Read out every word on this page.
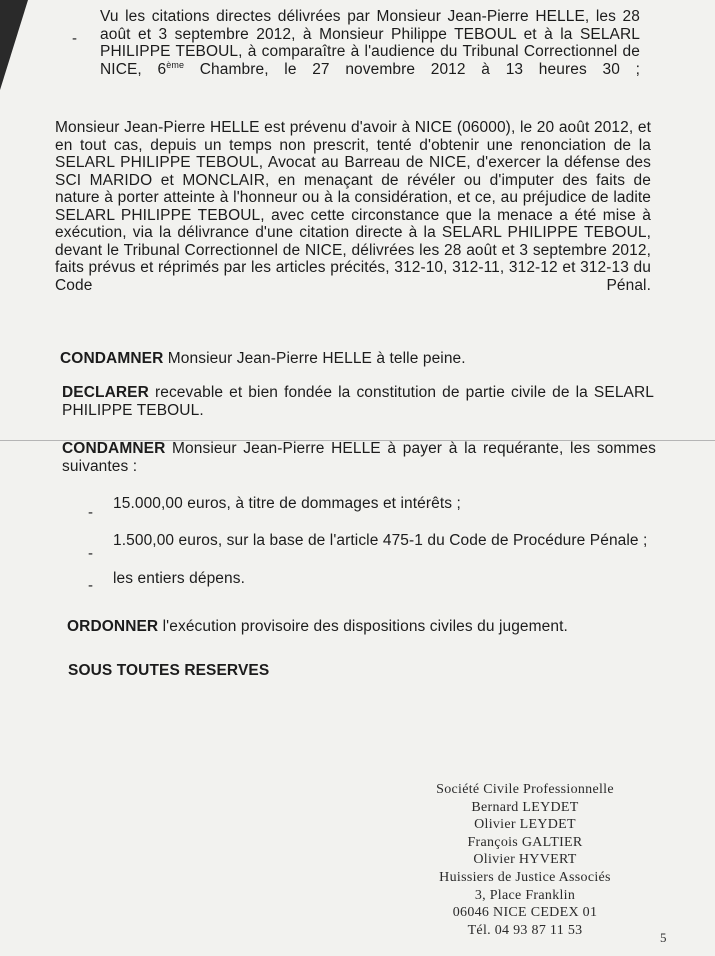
-
Vu les citations directes délivrées par Monsieur Jean-Pierre HELLE, les 28
août et 3 septembre 2012, à Monsieur Philippe TEBOUL et à la SELARL
PHILIPPE TEBOUL, à comparaître à l'audience du Tribunal Correctionnel de
NICE, 6ème Chambre, le 27 novembre 2012 à 13 heures 30 ;
Monsieur Jean-Pierre HELLE est prévenu d'avoir à NICE (06000), le 20 août 2012, et
en tout cas, depuis un temps non prescrit, tenté d'obtenir une renonciation de la
SELARL PHILIPPE TEBOUL, Avocat au Barreau de NICE, d'exercer la défense des
SCI MARIDO et MONCLAIR, en menaçant de révéler ou d'imputer des faits de
nature à porter atteinte à l'honneur ou à la considération, et ce, au préjudice de ladite
SELARL PHILIPPE TEBOUL, avec cette circonstance que la menace a été mise à
exécution, via la délivrance d'une citation directe à la SELARL PHILIPPE TEBOUL,
devant le Tribunal Correctionnel de NICE, délivrées les 28 août et 3 septembre 2012,
faits prévus et réprimés par les articles précités, 312-10, 312-11, 312-12 et 312-13 du
Code Pénal.
CONDAMNER Monsieur Jean-Pierre HELLE à telle peine.
DECLARER recevable et bien fondée la constitution de partie civile de la SELARL
PHILIPPE TEBOUL.
CONDAMNER Monsieur Jean-Pierre HELLE à payer à la requérante, les sommes
suivantes :
-
15.000,00 euros, à titre de dommages et intérêts ;
-
1.500,00 euros, sur la base de l'article 475-1 du Code de Procédure Pénale ;
- les entiers dépens.
ORDONNER l'exécution provisoire des dispositions civiles du jugement.
SOUS TOUTES RESERVES
Société Civile Professionnelle
Bernard LEYDET
Olivier LEYDET
François GALTIER
Olivier HYVERT
Huissiers de Justice Associés
3, Place Franklin
06046 NICE CEDEX 01
Tél. 04 93 87 11 53	5
